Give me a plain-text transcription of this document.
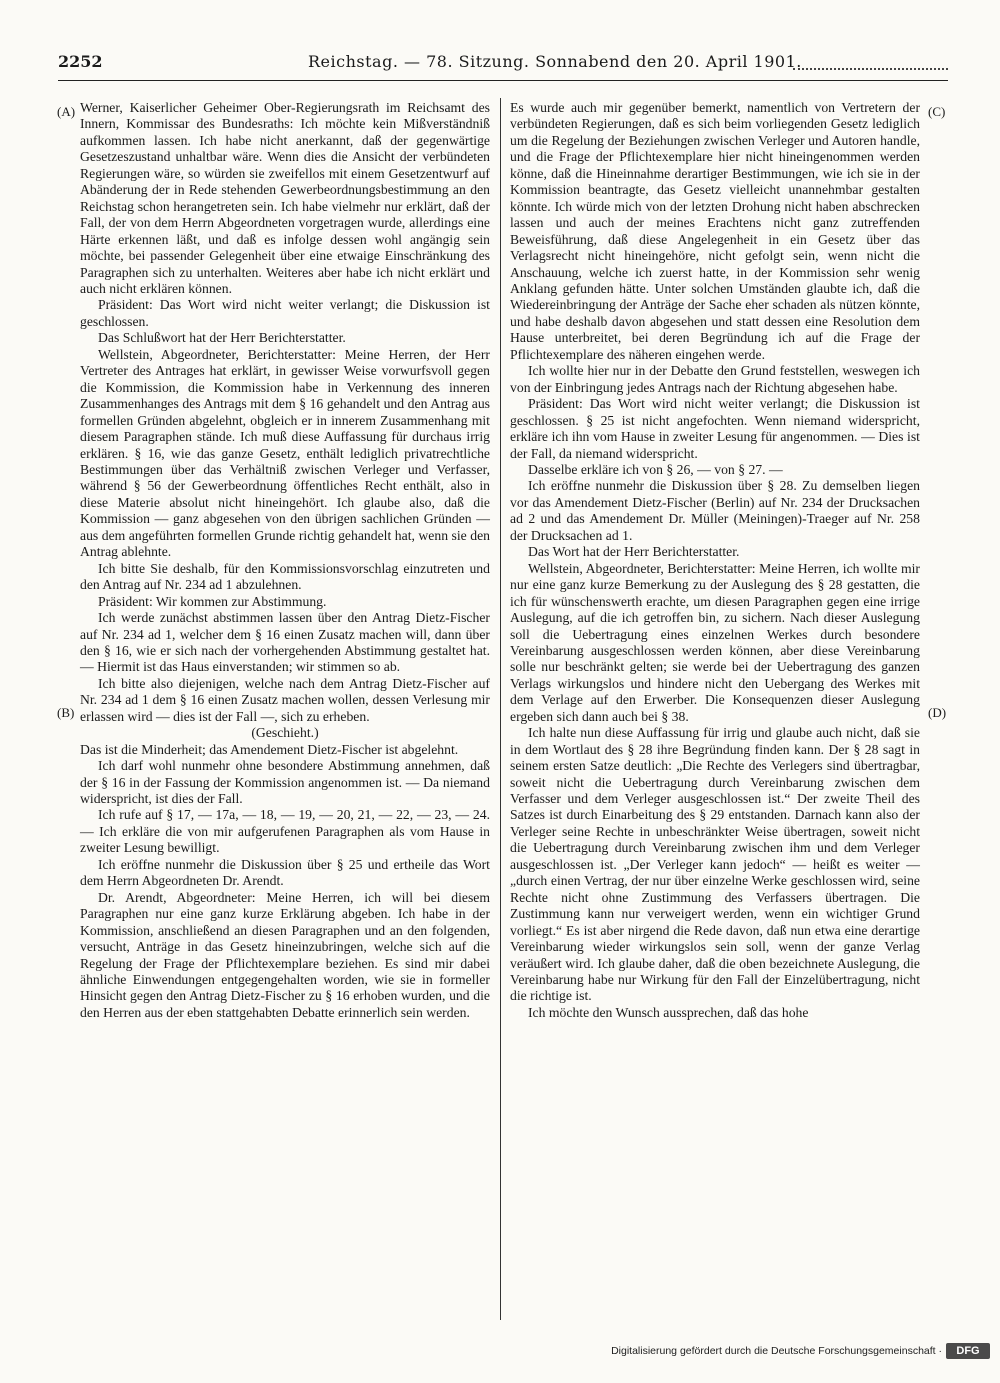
2252	Reichstag. — 78. Sitzung. Sonnabend den 20. April 1901.
(A)
(B)
(C)
(D)

Werner, Kaiserlicher Geheimer Ober-Regierungsrath im Reichsamt des Innern, Kommissar des Bundesraths: Ich möchte kein Mißverständniß aufkommen lassen. Ich habe nicht anerkannt, daß der gegenwärtige Gesetzeszustand unhaltbar wäre. Wenn dies die Ansicht der verbündeten Regierungen wäre, so würden sie zweifellos mit einem Gesetzentwurf auf Abänderung der in Rede stehenden Gewerbeordnungsbestimmung an den Reichstag schon herangetreten sein. Ich habe vielmehr nur erklärt, daß der Fall, der von dem Herrn Abgeordneten vorgetragen wurde, allerdings eine Härte erkennen läßt, und daß es infolge dessen wohl angängig sein möchte, bei passender Gelegenheit über eine etwaige Einschränkung des Paragraphen sich zu unterhalten. Weiteres aber habe ich nicht erklärt und auch nicht erklären können.

Präsident: Das Wort wird nicht weiter verlangt; die Diskussion ist geschlossen.

Das Schlußwort hat der Herr Berichterstatter.

Wellstein, Abgeordneter, Berichterstatter: Meine Herren, der Herr Vertreter des Antrages hat erklärt, in gewisser Weise vorwurfsvoll gegen die Kommission, die Kommission habe in Verkennung des inneren Zusammenhanges des Antrags mit dem § 16 gehandelt und den Antrag aus formellen Gründen abgelehnt, obgleich er in innerem Zusammenhang mit diesem Paragraphen stände. Ich muß diese Auffassung für durchaus irrig erklären. § 16, wie das ganze Gesetz, enthält lediglich privatrechtliche Bestimmungen über das Verhältniß zwischen Verleger und Verfasser, während § 56 der Gewerbeordnung öffentliches Recht enthält, also in diese Materie absolut nicht hineingehört. Ich glaube also, daß die Kommission — ganz abgesehen von den übrigen sachlichen Gründen — aus dem angeführten formellen Grunde richtig gehandelt hat, wenn sie den Antrag ablehnte.

Ich bitte Sie deshalb, für den Kommissionsvorschlag einzutreten und den Antrag auf Nr. 234 ad 1 abzulehnen.

Präsident: Wir kommen zur Abstimmung.

Ich werde zunächst abstimmen lassen über den Antrag Dietz-Fischer auf Nr. 234 ad 1, welcher dem § 16 einen Zusatz machen will, dann über den § 16, wie er sich nach der vorhergehenden Abstimmung gestaltet hat. — Hiermit ist das Haus einverstanden; wir stimmen so ab.

Ich bitte also diejenigen, welche nach dem Antrag Dietz-Fischer auf Nr. 234 ad 1 dem § 16 einen Zusatz machen wollen, dessen Verlesung mir erlassen wird — dies ist der Fall —, sich zu erheben.

(Geschieht.)

Das ist die Minderheit; das Amendement Dietz-Fischer ist abgelehnt.

Ich darf wohl nunmehr ohne besondere Abstimmung annehmen, daß der § 16 in der Fassung der Kommission angenommen ist. — Da niemand widerspricht, ist dies der Fall.

Ich rufe auf § 17, — 17a, — 18, — 19, — 20, 21, — 22, — 23, — 24. — Ich erkläre die von mir aufgerufenen Paragraphen als vom Hause in zweiter Lesung bewilligt.

Ich eröffne nunmehr die Diskussion über § 25 und ertheile das Wort dem Herrn Abgeordneten Dr. Arendt.

Dr. Arendt, Abgeordneter: Meine Herren, ich will bei diesem Paragraphen nur eine ganz kurze Erklärung abgeben. Ich habe in der Kommission, anschließend an diesen Paragraphen und an den folgenden, versucht, Anträge in das Gesetz hineinzubringen, welche sich auf die Regelung der Frage der Pflichtexemplare beziehen. Es sind mir dabei ähnliche Einwendungen entgegengehalten worden, wie sie in formeller Hinsicht gegen den Antrag Dietz-Fischer zu § 16 erhoben wurden, und die den Herren aus der eben stattgehabten Debatte erinnerlich sein werden.

Es wurde auch mir gegenüber bemerkt, namentlich von Vertretern der verbündeten Regierungen, daß es sich beim vorliegenden Gesetz lediglich um die Regelung der Beziehungen zwischen Verleger und Autoren handle, und die Frage der Pflichtexemplare hier nicht hineingenommen werden könne, daß die Hineinnahme derartiger Bestimmungen, wie ich sie in der Kommission beantragte, das Gesetz vielleicht unannehmbar gestalten könnte. Ich würde mich von der letzten Drohung nicht haben abschrecken lassen und auch der meines Erachtens nicht ganz zutreffenden Beweisführung, daß diese Angelegenheit in ein Gesetz über das Verlagsrecht nicht hineingehöre, nicht gefolgt sein, wenn nicht die Anschauung, welche ich zuerst hatte, in der Kommission sehr wenig Anklang gefunden hätte. Unter solchen Umständen glaubte ich, daß die Wiedereinbringung der Anträge der Sache eher schaden als nützen könnte, und habe deshalb davon abgesehen und statt dessen eine Resolution dem Hause unterbreitet, bei deren Begründung ich auf die Frage der Pflichtexemplare des näheren eingehen werde.

Ich wollte hier nur in der Debatte den Grund feststellen, weswegen ich von der Einbringung jedes Antrags nach der Richtung abgesehen habe.

Präsident: Das Wort wird nicht weiter verlangt; die Diskussion ist geschlossen. § 25 ist nicht angefochten. Wenn niemand widerspricht, erkläre ich ihn vom Hause in zweiter Lesung für angenommen. — Dies ist der Fall, da niemand widerspricht.

Dasselbe erkläre ich von § 26, — von § 27. —

Ich eröffne nunmehr die Diskussion über § 28. Zu demselben liegen vor das Amendement Dietz-Fischer (Berlin) auf Nr. 234 der Drucksachen ad 2 und das Amendement Dr. Müller (Meiningen)-Traeger auf Nr. 258 der Drucksachen ad 1.

Das Wort hat der Herr Berichterstatter.

Wellstein, Abgeordneter, Berichterstatter: Meine Herren, ich wollte mir nur eine ganz kurze Bemerkung zu der Auslegung des § 28 gestatten, die ich für wünschenswerth erachte, um diesen Paragraphen gegen eine irrige Auslegung, auf die ich getroffen bin, zu sichern. Nach dieser Auslegung soll die Uebertragung eines einzelnen Werkes durch besondere Vereinbarung ausgeschlossen werden können, aber diese Vereinbarung solle nur beschränkt gelten; sie werde bei der Uebertragung des ganzen Verlags wirkungslos und hindere nicht den Uebergang des Werkes mit dem Verlage auf den Erwerber. Die Konsequenzen dieser Auslegung ergeben sich dann auch bei § 38.

Ich halte nun diese Auffassung für irrig und glaube auch nicht, daß sie in dem Wortlaut des § 28 ihre Begründung finden kann. Der § 28 sagt in seinem ersten Satze deutlich: „Die Rechte des Verlegers sind übertragbar, soweit nicht die Uebertragung durch Vereinbarung zwischen dem Verfasser und dem Verleger ausgeschlossen ist.“ Der zweite Theil des Satzes ist durch Einarbeitung des § 29 entstanden. Darnach kann also der Verleger seine Rechte in unbeschränkter Weise übertragen, soweit nicht die Uebertragung durch Vereinbarung zwischen ihm und dem Verleger ausgeschlossen ist. „Der Verleger kann jedoch“ — heißt es weiter — „durch einen Vertrag, der nur über einzelne Werke geschlossen wird, seine Rechte nicht ohne Zustimmung des Verfassers übertragen. Die Zustimmung kann nur verweigert werden, wenn ein wichtiger Grund vorliegt.“ Es ist aber nirgend die Rede davon, daß nun etwa eine derartige Vereinbarung wieder wirkungslos sein soll, wenn der ganze Verlag veräußert wird. Ich glaube daher, daß die oben bezeichnete Auslegung, die Vereinbarung habe nur Wirkung für den Fall der Einzelübertragung, nicht die richtige ist.

Ich möchte den Wunsch aussprechen, daß das hohe

Digitalisierung gefördert durch die Deutsche Forschungsgemeinschaft ·	DFG
